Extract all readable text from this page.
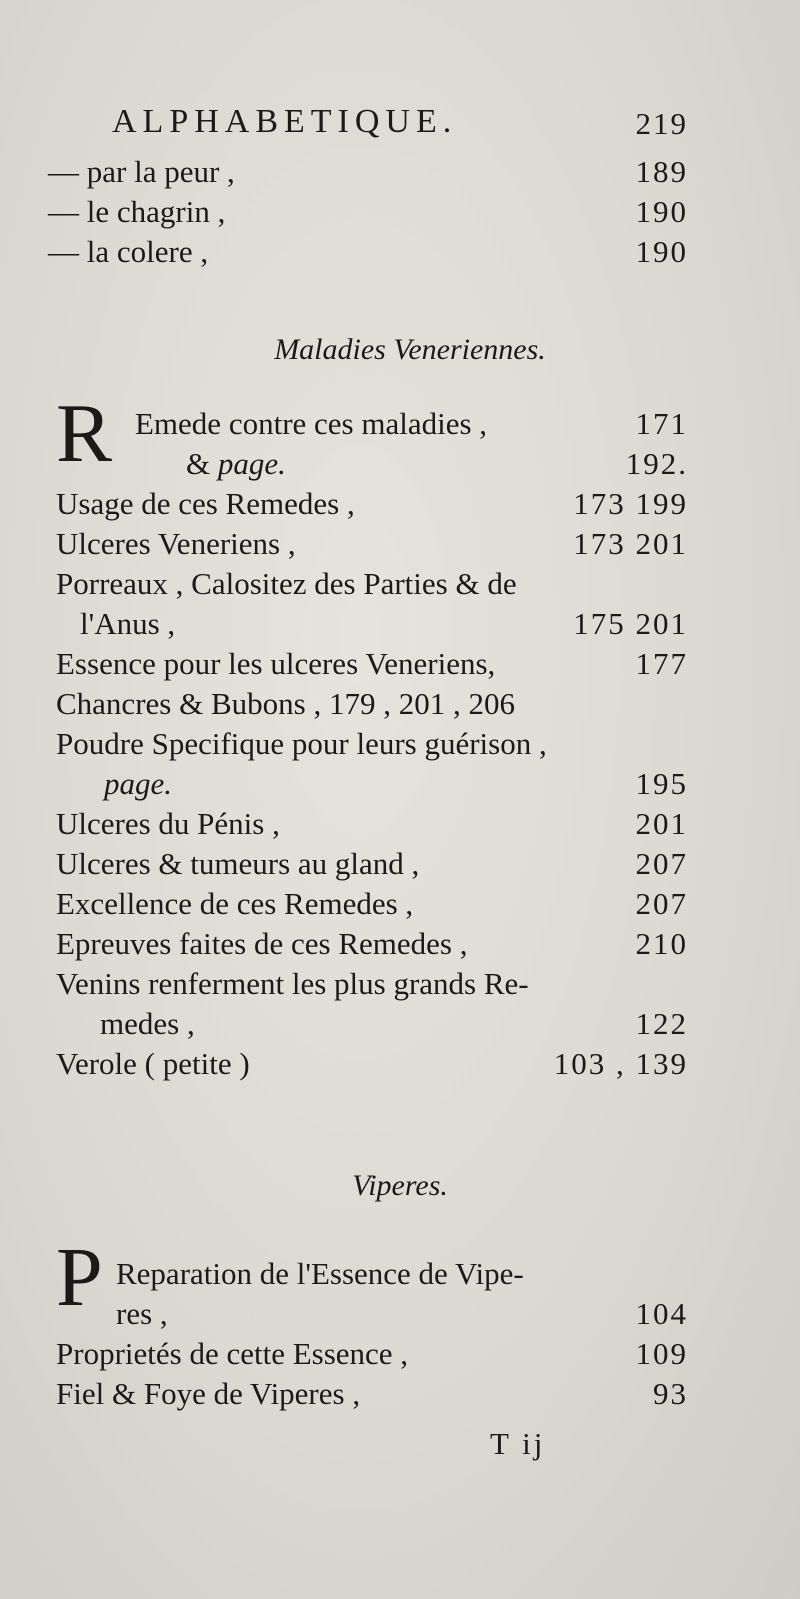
ALPHABETIQUE.	219
— par la peur ,	189
— le chagrin ,	190
— la colere ,	190
Maladies Veneriennes.
R Emede contre ces maladies ,	171
& page.	192.
Usage de ces Remedes ,	173 199
Ulceres Veneriens ,	173 201
Porreaux , Calositez des Parties & de
l'Anus ,	175 201
Essence pour les ulceres Veneriens,	177
Chancres & Bubons , 179 , 201 , 206
Poudre Specifique pour leurs guérison ,
page.	195
Ulceres du Pénis ,	201
Ulceres & tumeurs au gland ,	207
Excellence de ces Remedes ,	207
Epreuves faites de ces Remedes ,	210
Venins renferment les plus grands Re-
medes ,	122
Verole ( petite )	103 , 139
Viperes.
P Reparation de l'Essence de Vipe-
res ,	104
Proprietés de cette Essence ,	109
Fiel & Foye de Viperes ,	93
T ij
